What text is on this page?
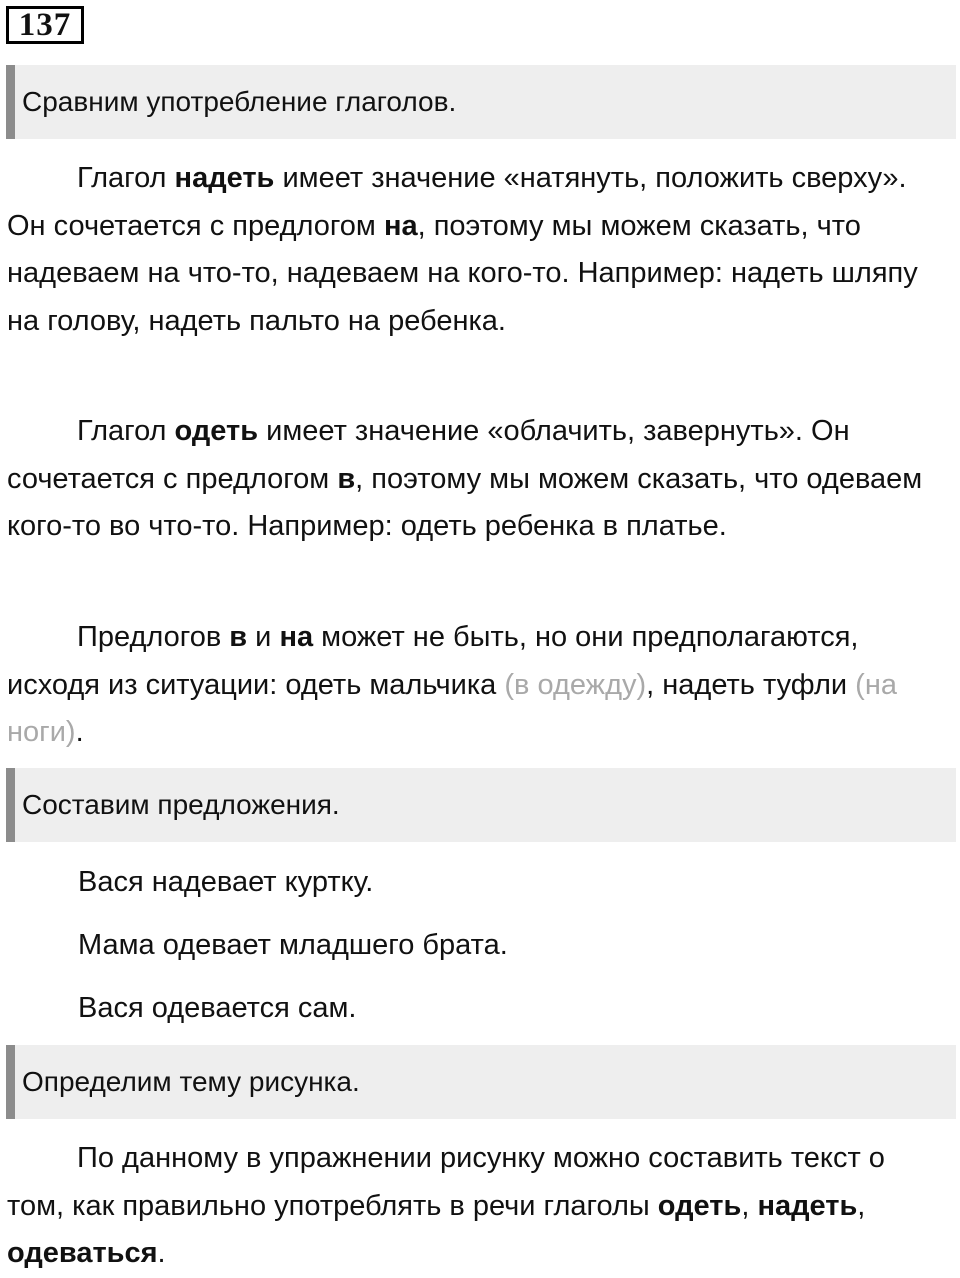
137
Сравним употребление глаголов.

Глагол надеть имеет значение «натянуть, положить сверху». Он сочетается с предлогом на, поэтому мы можем сказать, что надеваем на что-то, надеваем на кого-то. Например: надеть шляпу на голову, надеть пальто на ребенка.

Глагол одеть имеет значение «облачить, завернуть». Он сочетается с предлогом в, поэтому мы можем сказать, что одеваем кого-то во что-то. Например: одеть ребенка в платье.

Предлогов в и на может не быть, но они предполагаются, исходя из ситуации: одеть мальчика (в одежду), надеть туфли (на ноги).

Составим предложения.

Вася надевает куртку.

Мама одевает младшего брата.

Вася одевается сам.

Определим тему рисунка.

По данному в упражнении рисунку можно составить текст о том, как правильно употреблять в речи глаголы одеть, надеть, одеваться.
